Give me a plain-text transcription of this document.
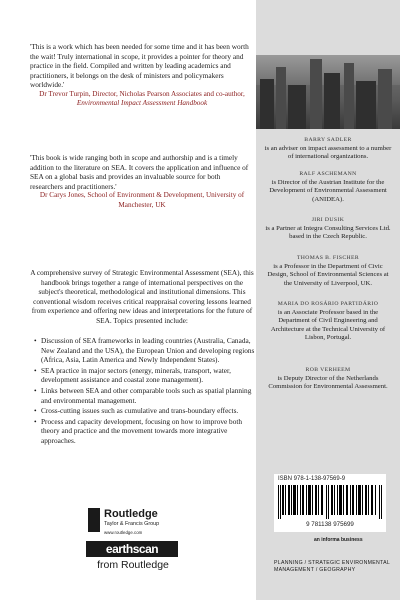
'This is a work which has been needed for some time and it has been worth the wait! Truly international in scope, it provides a pointer for theory and practice in the field. Compiled and written by leading academics and practitioners, it belongs on the desk of ministers and policymakers worldwide.'
Dr Trevor Turpin, Director, Nicholas Pearson Associates and co-author, Environmental Impact Assessment Handbook
'This book is wide ranging both in scope and authorship and is a timely addition to the literature on SEA. It covers the application and influence of SEA on a global basis and provides an invaluable source for both researchers and practitioners.'
Dr Carys Jones, School of Environment & Development, University of Manchester, UK
A comprehensive survey of Strategic Environmental Assessment (SEA), this handbook brings together a range of international perspectives on the subject's theoretical, methodological and institutional dimensions. This conventional wisdom receives critical reappraisal covering lessons learned from experience and offering new ideas and interpretations for the future of SEA. Topics presented include:
• Discussion of SEA frameworks in leading countries (Australia, Canada, New Zealand and the USA), the European Union and developing regions (Africa, Asia, Latin America and Newly Independent States).
• SEA practice in major sectors (energy, minerals, transport, water, development assistance and coastal zone management).
• Links between SEA and other comparable tools such as spatial planning and environmental management.
• Cross-cutting issues such as cumulative and trans-boundary effects.
• Process and capacity development, focusing on how to improve both theory and practice and the movement towards more integrative approaches.
Routledge
Taylor & Francis Group
www.routledge.com
earthscan
from Routledge
BARRY SADLER
is an adviser on impact assessment to a number of international organizations.
RALF ASCHEMANN
is Director of the Austrian Institute for the Development of Environmental Assessment (ANIDEA).
JIRI DUSIK
is a Partner at Integra Consulting Services Ltd. based in the Czech Republic.
THOMAS B. FISCHER
is a Professor in the Department of Civic Design, School of Environmental Sciences at the University of Liverpool, UK.
MARIA DO ROSÁRIO PARTIDÁRIO
is an Associate Professor based in the Department of Civil Engineering and Architecture at the Technical University of Lisbon, Portugal.
ROB VERHEEM
is Deputy Director of the Netherlands Commission for Environmental Assessment.
ISBN 978-1-138-97569-9
9 781138 975699
an informa business
PLANNING / STRATEGIC ENVIRONMENTAL MANAGEMENT / GEOGRAPHY
